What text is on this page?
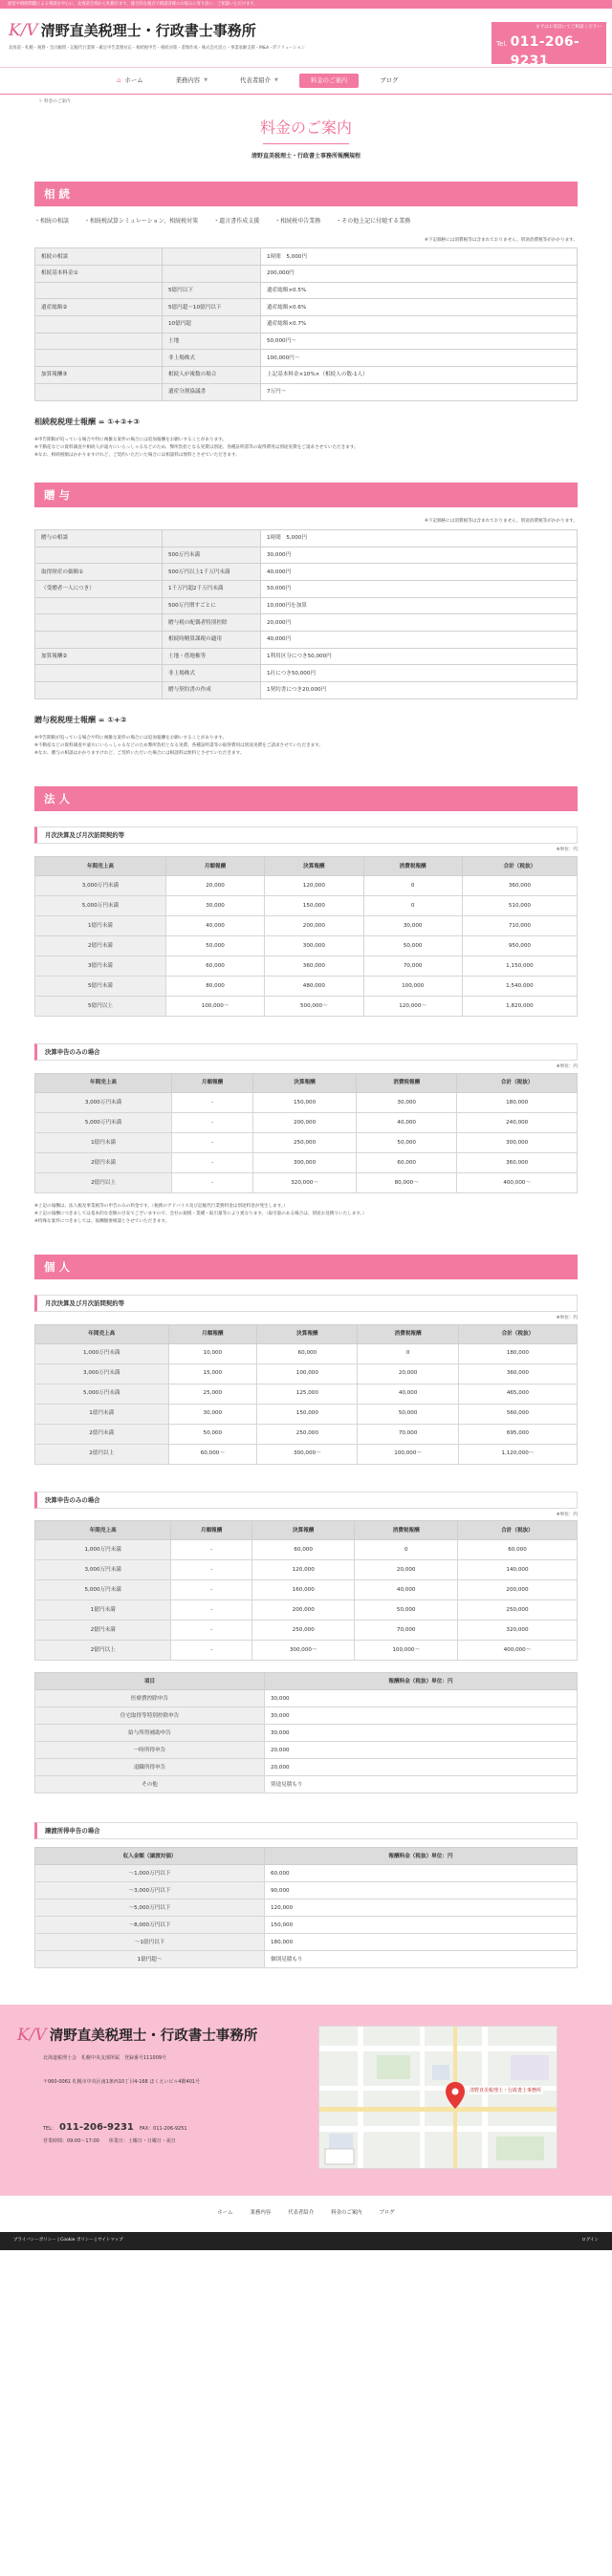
経営や相続問題による相談を中心に、北海道全域から札幌市まで、総合的な視点で相談者様のお悩みに寄り添い、ご相談いただけます。
K/V 清野直美税理士・行政書士事務所
北海道・札幌・税務・会計顧問・記帳代行業務・確定申告業務対応・相続税申告・相続対策・書類作成・株式会社設立・事業承継支援・M&A・ITソリューション
まずはお電話にてご相談ください
Tel. 011-206-9231
営業時間 平日9:00〜17:00 休業日 土・日・祝
⌂ ホーム	業務内容 ▼	代表者紹介 ▼	料金のご案内	ブログ
ト 料金のご案内
料金のご案内
清野直美税理士・行政書士事務所報酬規程
相 続
・相続の相談	・相続税試算シミュレーション、相続税対策	・遺言書作成支援	・相続税申告業務	・その他上記に付随する業務
※下記価格には消費税等は含まれておりません。別途消費税等がかかります。
相続の相談		1時間　5,000円
相続基本料金①		200,000円
	5億円以下	遺産総額×0.5%
遺産総額②	5億円超〜10億円以下	遺産総額×0.6%
	10億円超	遺産総額×0.7%
	土地	50,000円〜
	非上場株式	100,000円〜
加算報酬③	相続人が複数の場合	上記基本料金×10%×（相続人の数-1人）
	遺産分割協議書	7万円〜
相続税税理士報酬 = ①+②+③
※申告期限が迫っている場合や特に複雑な案件の場合には追加報酬をお願いすることがあります。
※不動産などの資料調査や相続人が遠方にいらっしゃるなどのため、弊所負担となる実費は別途、各種証明書等の取得費用は別途実費をご請求させていただきます。
※なお、相続税額はかかりますけれど、ご契約いただいた場合には相談料は無料とさせていただきます。
贈 与
※下記価格には消費税等は含まれておりません。別途消費税等がかかります。
贈与の相談		1時間　5,000円
	500万円未満	30,000円
取得財産の価額①	500万円以上1千万円未満	40,000円
（受贈者一人につき）	1千万円超2千万円未満	50,000円
	500万円増すごとに	10,000円を加算
	贈与税の配偶者特別控除	20,000円
	相続時精算課税の適用	40,000円
加算報酬②	土地・借地権等	1利用区分につき50,000円
	非上場株式	1社につき50,000円
	贈与契約書の作成	1契約書につき20,000円
贈与税税理士報酬 = ①+②
※申告期限が迫っている場合や特に複雑な案件の場合には追加報酬をお願いすることがあります。
※不動産などの資料調査や遠方にいらっしゃるなどのため弊所負担となる実費、各種証明書等の取得費用は別途実費をご請求させていただきます。
※なお、贈与の相談はかかりますけれど、ご契約いただいた場合には相談料は無料とさせていただきます。
法 人
月次決算及び月次訪問契約等
※単位：円
年間売上高	月額報酬	決算報酬	消費税報酬	合計（税抜）
3,000万円未満	20,000	120,000	0	360,000
5,000万円未満	30,000	150,000	0	510,000
1億円未満	40,000	200,000	30,000	710,000
2億円未満	50,000	300,000	50,000	950,000
3億円未満	60,000	360,000	70,000	1,150,000
5億円未満	80,000	480,000	100,000	1,540,000
5億円以上	100,000〜	500,000〜	120,000〜	1,820,000
決算申告のみの場合
※単位：円
年間売上高	月額報酬	決算報酬	消費税報酬	合計（税抜）
3,000万円未満	-	150,000	30,000	180,000
5,000万円未満	-	200,000	40,000	240,000
1億円未満	-	250,000	50,000	300,000
2億円未満	-	300,000	60,000	360,000
2億円以上	-	320,000〜	80,000〜	400,000〜
※上記の報酬は、法人税及事業税等の申告のみの料金です。（税務のアドバイス及び記帳代行業務料金は別途料金が発生します。）
※上記の報酬につきましては基本的な金額の目安でございますので、会社の規模・業種・取引量等により異なります。（取引量のある場合は、別途お見積りいたします。）
※特殊な案件につきましては、報酬額要相談とさせていただきます。
個 人
月次決算及び月次訪問契約等
※単位：円
年間売上高	月額報酬	決算報酬	消費税報酬	合計（税抜）
1,000万円未満	10,000	60,000	0	180,000
3,000万円未満	15,000	100,000	20,000	360,000
5,000万円未満	25,000	125,000	40,000	465,000
1億円未満	30,000	150,000	50,000	560,000
2億円未満	50,000	250,000	70,000	695,000
2億円以上	60,000〜	300,000〜	100,000〜	1,120,000〜
決算申告のみの場合
※単位：円
年間売上高	月額報酬	決算報酬	消費税報酬	合計（税抜）
1,000万円未満	-	60,000	0	60,000
3,000万円未満	-	120,000	20,000	140,000
5,000万円未満	-	160,000	40,000	200,000
1億円未満	-	200,000	50,000	250,000
2億円未満	-	250,000	70,000	320,000
2億円以上	-	300,000〜	100,000〜	400,000〜
項目	報酬料金（税抜）単位：円
医療費控除申告	30,000
住宅取得等特別控除申告	30,000
給与所得補助申告	30,000
一時所得申告	20,000
退職所得申告	20,000
その他	別途見積もり
譲渡所得申告の場合
収入金額（譲渡対価）	報酬料金（税抜）単位：円
〜1,000万円以下	60,000
〜3,000万円以下	90,000
〜5,000万円以下	120,000
〜8,000万円以下	150,000
〜1億円以下	180,000
1億円超〜	個別見積もり
K/V 清野直美税理士・行政書士事務所
北海道税理士会　札幌中央支部所属　登録番号111009号
〒060-0061 札幌市中央区南1条西10丁目4-168 ほくえいビル4階401号
TEL： 011-206-9231 FAX：011-206-9251
営業時間：09:00〜17:00　　休業日：土曜日・日曜日・祝日
清野直美税理士・行政書士事務所
ホーム	業務内容	代表者紹介	料金のご案内	ブログ
プライバシーポリシー | Cookie ポリシー | サイトマップ	ログイン
